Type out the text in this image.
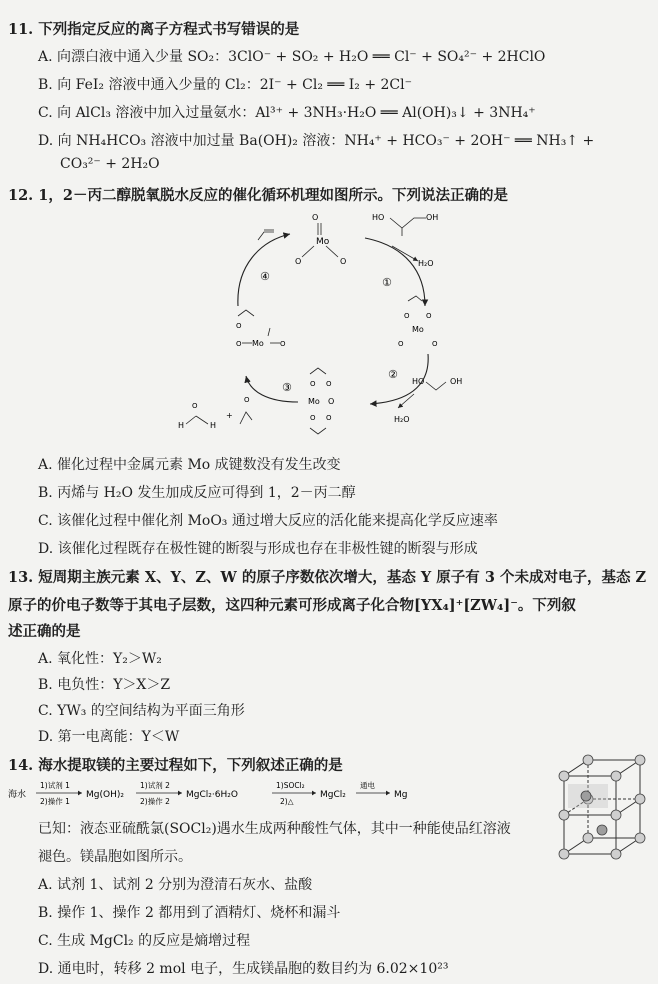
11. 下列指定反应的离子方程式书写错误的是
A. 向漂白液中通入少量 SO₂：3ClO⁻ + SO₂ + H₂O ══ Cl⁻ + SO₄²⁻ + 2HClO
B. 向 FeI₂ 溶液中通入少量的 Cl₂：2I⁻ + Cl₂ ══ I₂ + 2Cl⁻
C. 向 AlCl₃ 溶液中加入过量氨水：Al³⁺ + 3NH₃·H₂O ══ Al(OH)₃↓ + 3NH₄⁺
D. 向 NH₄HCO₃ 溶液中加过量 Ba(OH)₂ 溶液：NH₄⁺ + HCO₃⁻ + 2OH⁻ ══ NH₃↑ +
CO₃²⁻ + 2H₂O
12. 1，2－丙二醇脱氧脱水反应的催化循环机理如图所示。下列说法正确的是
Mo
O
O	O
HO	OH
H₂O
①
O O
Mo
O	O
②
HO	OH
H₂O
O O
Mo O
O O
③
H	H
O
+
O
O
O Mo O
④
A. 催化过程中金属元素 Mo 成键数没有发生改变
B. 丙烯与 H₂O 发生加成反应可得到 1，2－丙二醇
C. 该催化过程中催化剂 MoO₃ 通过增大反应的活化能来提高化学反应速率
D. 该催化过程既存在极性键的断裂与形成也存在非极性键的断裂与形成
13. 短周期主族元素 X、Y、Z、W 的原子序数依次增大，基态 Y 原子有 3 个未成对电子，基态 Z
原子的价电子数等于其电子层数，这四种元素可形成离子化合物[YX₄]⁺[ZW₄]⁻。下列叙
述正确的是
A. 氧化性：Y₂＞W₂
B. 电负性：Y＞X＞Z
C. YW₃ 的空间结构为平面三角形
D. 第一电离能：Y＜W
14. 海水提取镁的主要过程如下，下列叙述正确的是
海水
1)试剂 1
2)操作 1
Mg(OH)₂
1)试剂 2
2)操作 2
MgCl₂·6H₂O
1)SOCl₂
2)△
MgCl₂
通电
Mg
已知：液态亚硫酰氯(SOCl₂)遇水生成两种酸性气体，其中一种能使品红溶液
褪色。镁晶胞如图所示。
A. 试剂 1、试剂 2 分别为澄清石灰水、盐酸
B. 操作 1、操作 2 都用到了酒精灯、烧杯和漏斗
C. 生成 MgCl₂ 的反应是熵增过程
D. 通电时，转移 2 mol 电子，生成镁晶胞的数目约为 6.02×10²³
